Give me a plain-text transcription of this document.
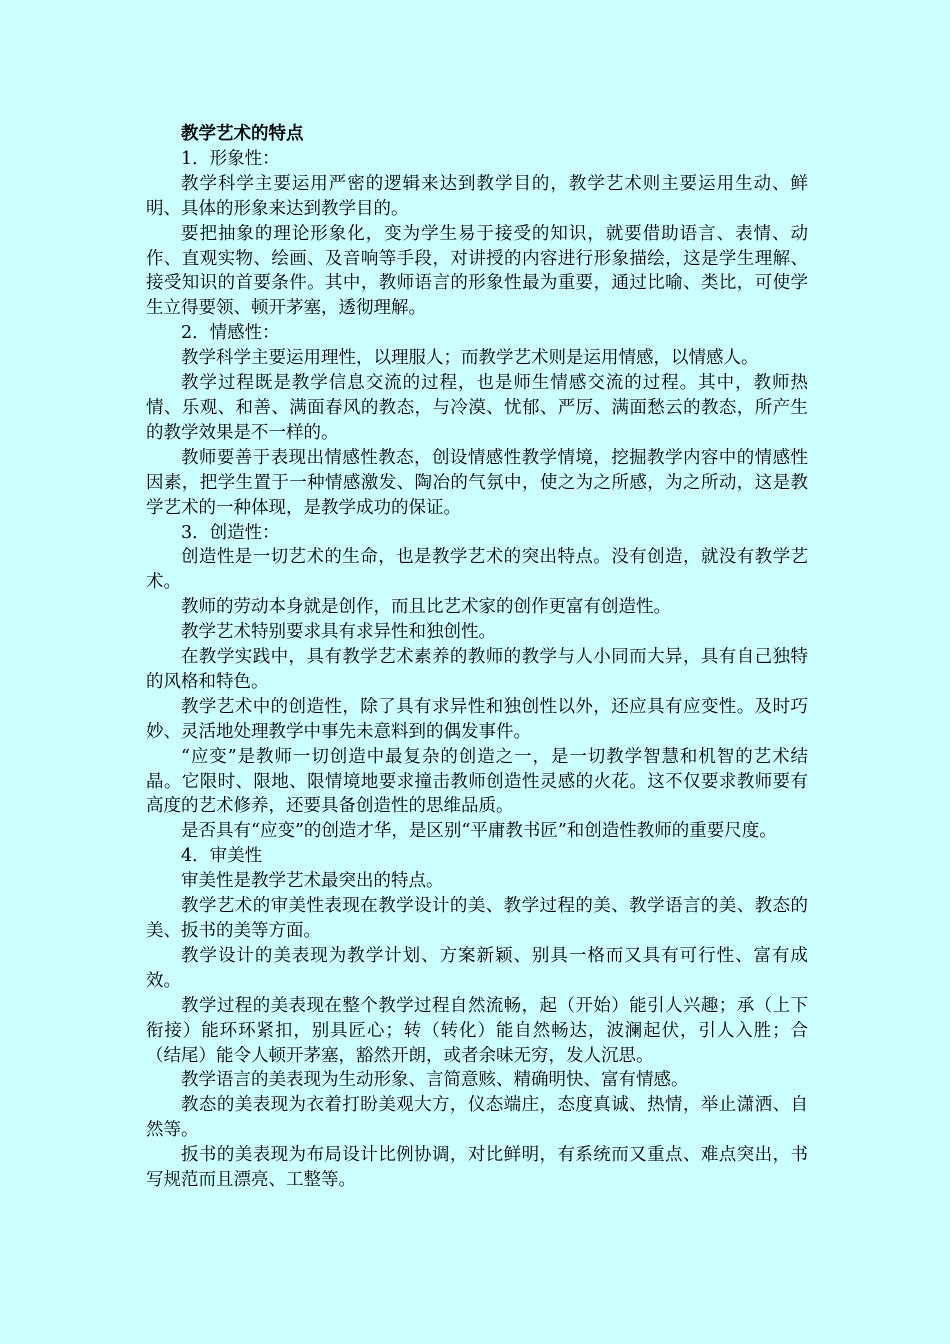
教学艺术的特点

1．形象性：

教学科学主要运用严密的逻辑来达到教学目的，教学艺术则主要运用生动、鲜明、具体的形象来达到教学目的。

要把抽象的理论形象化，变为学生易于接受的知识，就要借助语言、表情、动作、直观实物、绘画、及音响等手段，对讲授的内容进行形象描绘，这是学生理解、接受知识的首要条件。其中，教师语言的形象性最为重要，通过比喻、类比，可使学生立得要领、顿开茅塞，透彻理解。

2．情感性：

教学科学主要运用理性，以理服人；而教学艺术则是运用情感，以情感人。

教学过程既是教学信息交流的过程，也是师生情感交流的过程。其中，教师热情、乐观、和善、满面春风的教态，与冷漠、忧郁、严厉、满面愁云的教态，所产生的教学效果是不一样的。

教师要善于表现出情感性教态，创设情感性教学情境，挖掘教学内容中的情感性因素，把学生置于一种情感激发、陶冶的气氛中，使之为之所感，为之所动，这是教学艺术的一种体现，是教学成功的保证。

3．创造性：

创造性是一切艺术的生命，也是教学艺术的突出特点。没有创造，就没有教学艺术。

教师的劳动本身就是创作，而且比艺术家的创作更富有创造性。

教学艺术特别要求具有求异性和独创性。

在教学实践中，具有教学艺术素养的教师的教学与人小同而大异，具有自己独特的风格和特色。

教学艺术中的创造性，除了具有求异性和独创性以外，还应具有应变性。及时巧妙、灵活地处理教学中事先未意料到的偶发事件。

“应变”是教师一切创造中最复杂的创造之一，是一切教学智慧和机智的艺术结晶。它限时、限地、限情境地要求撞击教师创造性灵感的火花。这不仅要求教师要有高度的艺术修养，还要具备创造性的思维品质。

是否具有“应变”的创造才华，是区别“平庸教书匠”和创造性教师的重要尺度。

4．审美性

审美性是教学艺术最突出的特点。

教学艺术的审美性表现在教学设计的美、教学过程的美、教学语言的美、教态的美、扳书的美等方面。

教学设计的美表现为教学计划、方案新颖、别具一格而又具有可行性、富有成效。

教学过程的美表现在整个教学过程自然流畅，起（开始）能引人兴趣；承（上下衔接）能环环紧扣，别具匠心；转（转化）能自然畅达，波澜起伏，引人入胜；合（结尾）能令人顿开茅塞，豁然开朗，或者余味无穷，发人沉思。

教学语言的美表现为生动形象、言简意赅、精确明快、富有情感。

教态的美表现为衣着打盼美观大方，仪态端庄，态度真诚、热情，举止潇洒、自然等。

扳书的美表现为布局设计比例协调，对比鲜明，有系统而又重点、难点突出，书写规范而且漂亮、工整等。
